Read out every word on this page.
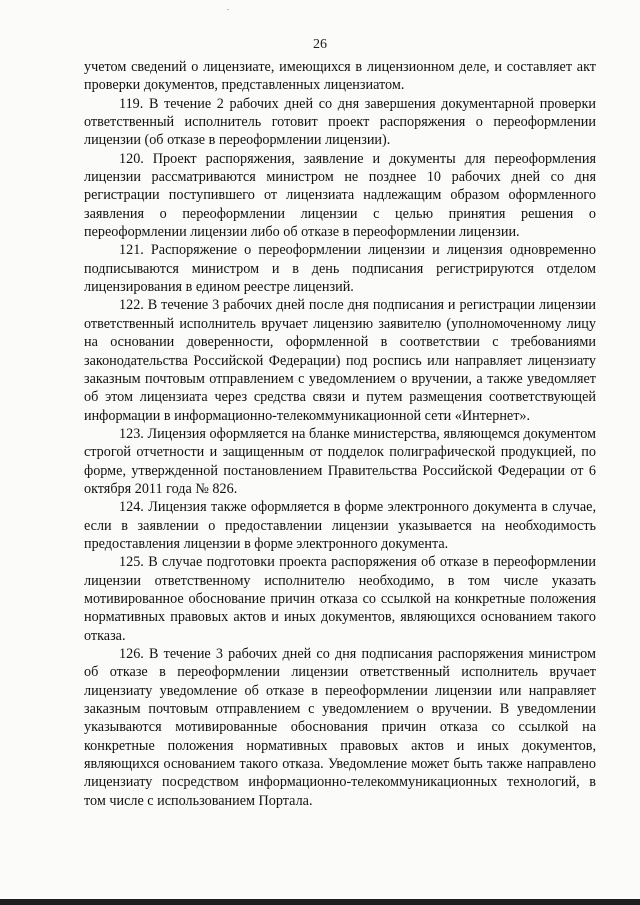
26

учетом сведений о лицензиате, имеющихся в лицензионном деле, и составляет акт проверки документов, представленных лицензиатом.

119. В течение 2 рабочих дней со дня завершения документарной проверки ответственный исполнитель готовит проект распоряжения о переоформлении лицензии (об отказе в переоформлении лицензии).

120. Проект распоряжения, заявление и документы для переоформления лицензии рассматриваются министром не позднее 10 рабочих дней со дня регистрации поступившего от лицензиата надлежащим образом оформленного заявления о переоформлении лицензии с целью принятия решения о переоформлении лицензии либо об отказе в переоформлении лицензии.

121. Распоряжение о переоформлении лицензии и лицензия одновременно подписываются министром и в день подписания регистрируются отделом лицензирования в едином реестре лицензий.

122. В течение 3 рабочих дней после дня подписания и регистрации лицензии ответственный исполнитель вручает лицензию заявителю (уполномоченному лицу на основании доверенности, оформленной в соответствии с требованиями законодательства Российской Федерации) под роспись или направляет лицензиату заказным почтовым отправлением с уведомлением о вручении, а также уведомляет об этом лицензиата через средства связи и путем размещения соответствующей информации в информационно-телекоммуникационной сети «Интернет».

123. Лицензия оформляется на бланке министерства, являющемся документом строгой отчетности и защищенным от подделок полиграфической продукцией, по форме, утвержденной постановлением Правительства Российской Федерации от 6 октября 2011 года № 826.

124. Лицензия также оформляется в форме электронного документа в случае, если в заявлении о предоставлении лицензии указывается на необходимость предоставления лицензии в форме электронного документа.

125. В случае подготовки проекта распоряжения об отказе в переоформлении лицензии ответственному исполнителю необходимо, в том числе указать мотивированное обоснование причин отказа со ссылкой на конкретные положения нормативных правовых актов и иных документов, являющихся основанием такого отказа.

126. В течение 3 рабочих дней со дня подписания распоряжения министром об отказе в переоформлении лицензии ответственный исполнитель вручает лицензиату уведомление об отказе в переоформлении лицензии или направляет заказным почтовым отправлением с уведомлением о вручении. В уведомлении указываются мотивированные обоснования причин отказа со ссылкой на конкретные положения нормативных правовых актов и иных документов, являющихся основанием такого отказа. Уведомление может быть также направлено лицензиату посредством информационно-телекоммуникационных технологий, в том числе с использованием Портала.
